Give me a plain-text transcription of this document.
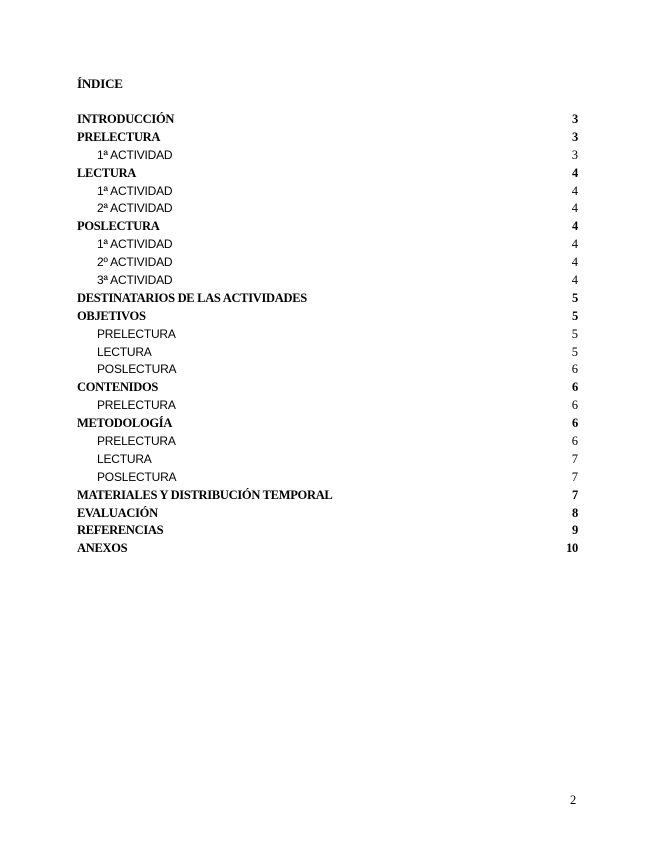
ÍNDICE
INTRODUCCIÓN	3
PRELECTURA	3
1ª ACTIVIDAD	3
LECTURA	4
1ª ACTIVIDAD	4
2ª ACTIVIDAD	4
POSLECTURA	4
1ª ACTIVIDAD	4
2º ACTIVIDAD	4
3ª ACTIVIDAD	4
DESTINATARIOS DE LAS ACTIVIDADES	5
OBJETIVOS	5
PRELECTURA	5
LECTURA	5
POSLECTURA	6
CONTENIDOS	6
PRELECTURA	6
METODOLOGÍA	6
PRELECTURA	6
LECTURA	7
POSLECTURA	7
MATERIALES Y DISTRIBUCIÓN TEMPORAL	7
EVALUACIÓN	8
REFERENCIAS	9
ANEXOS	10
2
